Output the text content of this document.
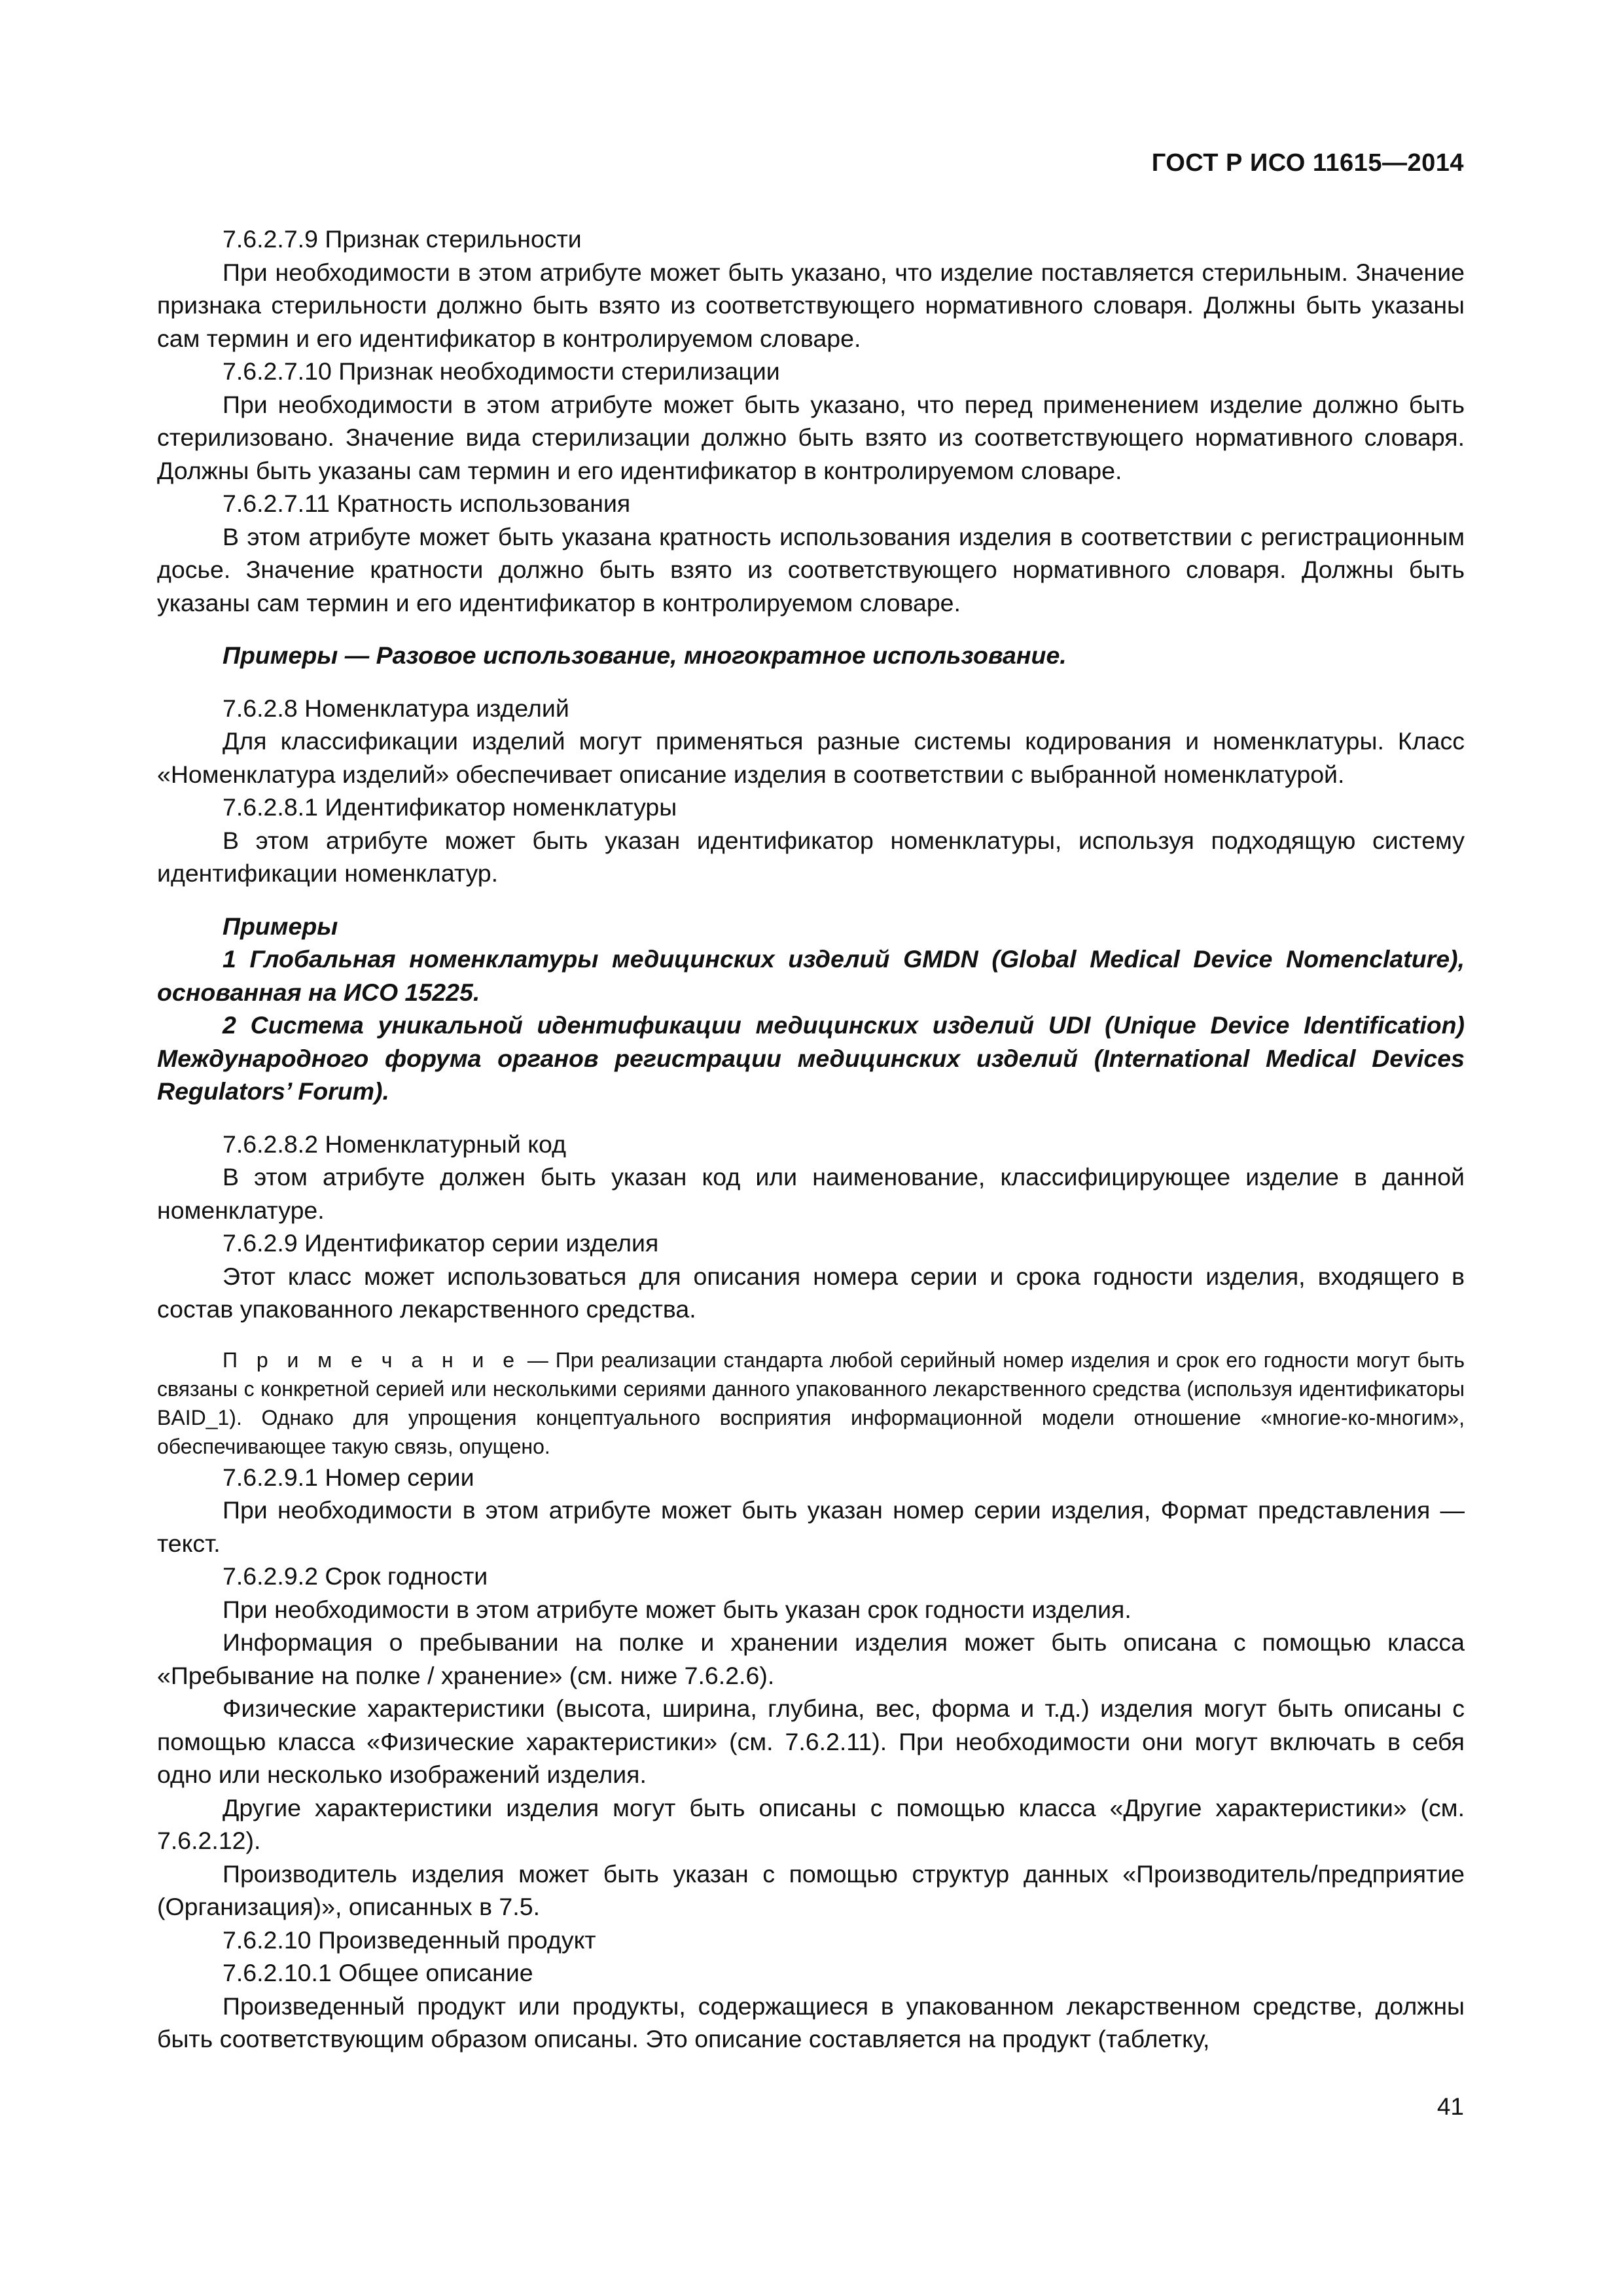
ГОСТ Р ИСО 11615—2014

7.6.2.7.9 Признак стерильности

При необходимости в этом атрибуте может быть указано, что изделие поставляется стерильным. Значение признака стерильности должно быть взято из соответствующего нормативного словаря. Должны быть указаны сам термин и его идентификатор в контролируемом словаре.

7.6.2.7.10 Признак необходимости стерилизации

При необходимости в этом атрибуте может быть указано, что перед применением изделие должно быть стерилизовано. Значение вида стерилизации должно быть взято из соответствующего нормативного словаря. Должны быть указаны сам термин и его идентификатор в контролируемом словаре.

7.6.2.7.11 Кратность использования

В этом атрибуте может быть указана кратность использования изделия в соответствии с регистрационным досье. Значение кратности должно быть взято из соответствующего нормативного словаря. Должны быть указаны сам термин и его идентификатор в контролируемом словаре.

Примеры — Разовое использование, многократное использование.

7.6.2.8 Номенклатура изделий

Для классификации изделий могут применяться разные системы кодирования и номенклатуры. Класс «Номенклатура изделий» обеспечивает описание изделия в соответствии с выбранной номенклатурой.

7.6.2.8.1 Идентификатор номенклатуры

В этом атрибуте может быть указан идентификатор номенклатуры, используя подходящую систему идентификации номенклатур.

Примеры

1 Глобальная номенклатуры медицинских изделий GMDN (Global Medical Device Nomenclature), основанная на ИСО 15225.

2 Система уникальной идентификации медицинских изделий UDI (Unique Device Identification) Международного форума органов регистрации медицинских изделий (International Medical Devices Regulators’ Forum).

7.6.2.8.2 Номенклатурный код

В этом атрибуте должен быть указан код или наименование, классифицирующее изделие в данной номенклатуре.

7.6.2.9 Идентификатор серии изделия

Этот класс может использоваться для описания номера серии и срока годности изделия, входящего в состав упакованного лекарственного средства.

П р и м е ч а н и е — При реализации стандарта любой серийный номер изделия и срок его годности могут быть связаны с конкретной серией или несколькими сериями данного упакованного лекарственного средства (используя идентификаторы BAID_1). Однако для упрощения концептуального восприятия информационной модели отношение «многие-ко-многим», обеспечивающее такую связь, опущено.

7.6.2.9.1 Номер серии

При необходимости в этом атрибуте может быть указан номер серии изделия, Формат представления — текст.

7.6.2.9.2 Срок годности

При необходимости в этом атрибуте может быть указан срок годности изделия.

Информация о пребывании на полке и хранении изделия может быть описана с помощью класса «Пребывание на полке / хранение» (см. ниже 7.6.2.6).

Физические характеристики (высота, ширина, глубина, вес, форма и т.д.) изделия могут быть описаны с помощью класса «Физические характеристики» (см. 7.6.2.11). При необходимости они могут включать в себя одно или несколько изображений изделия.

Другие характеристики изделия могут быть описаны с помощью класса «Другие характеристики» (см. 7.6.2.12).

Производитель изделия может быть указан с помощью структур данных «Производитель/предприятие (Организация)», описанных в 7.5.

7.6.2.10 Произведенный продукт

7.6.2.10.1 Общее описание

Произведенный продукт или продукты, содержащиеся в упакованном лекарственном средстве, должны быть соответствующим образом описаны. Это описание составляется на продукт (таблетку,

41
